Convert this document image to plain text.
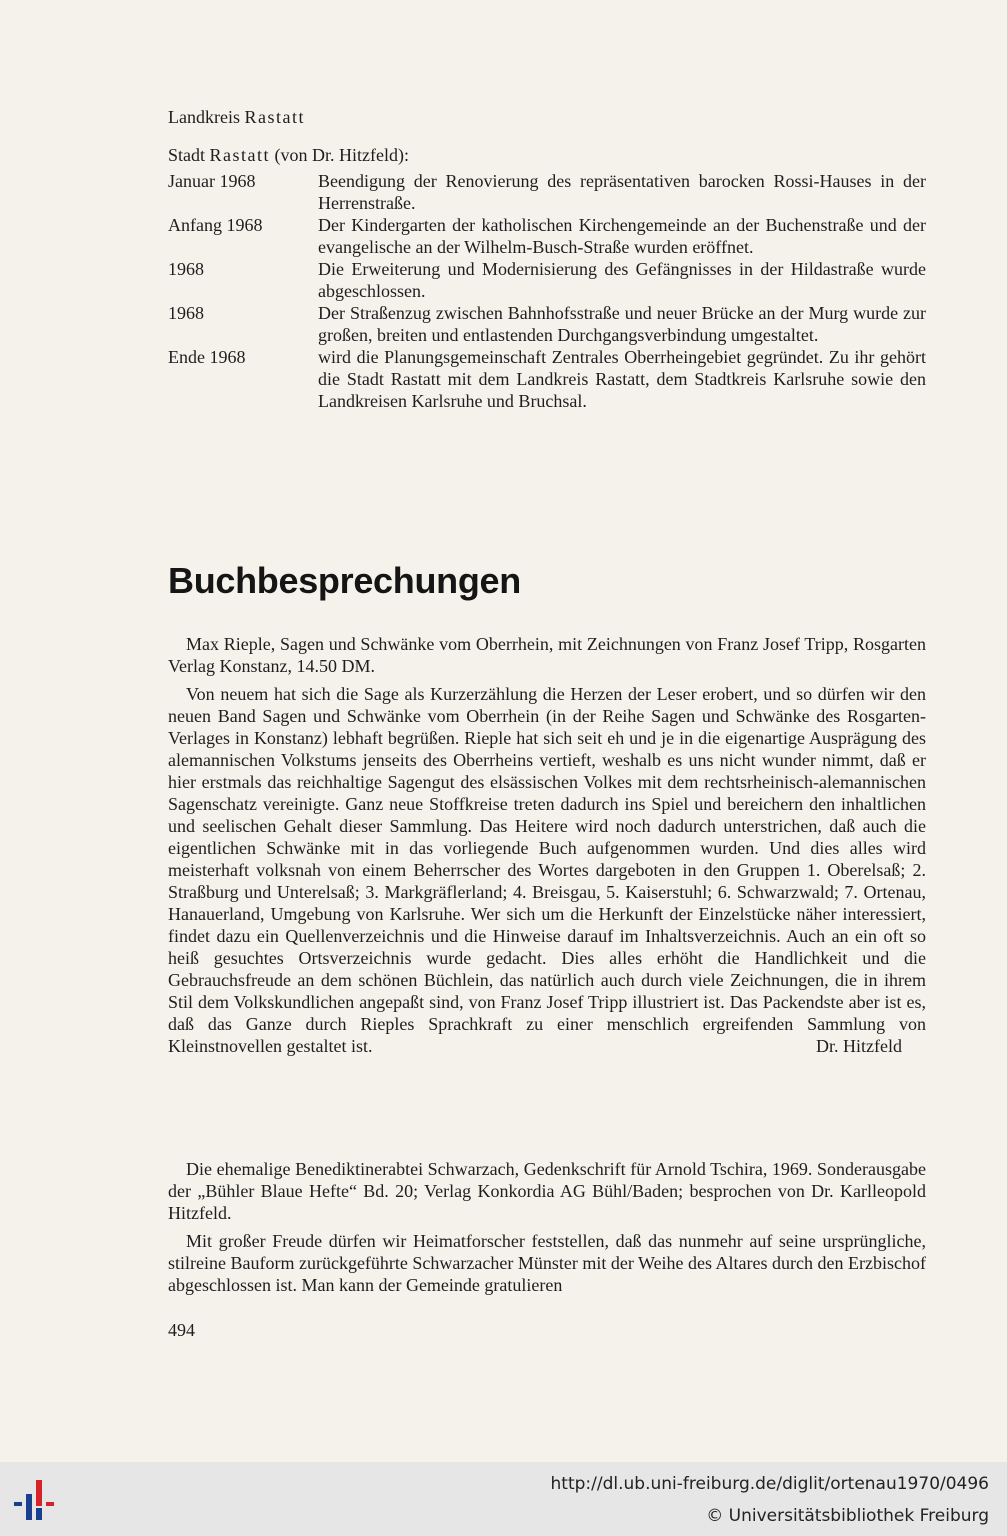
Landkreis Rastatt
Stadt Rastatt (von Dr. Hitzfeld):
Januar 1968	Beendigung der Renovierung des repräsentativen barocken Rossi-Hauses in der Herrenstraße.
Anfang 1968	Der Kindergarten der katholischen Kirchengemeinde an der Buchenstraße und der evangelische an der Wilhelm-Busch-Straße wurden eröffnet.
1968	Die Erweiterung und Modernisierung des Gefängnisses in der Hildastraße wurde abgeschlossen.
1968	Der Straßenzug zwischen Bahnhofsstraße und neuer Brücke an der Murg wurde zur großen, breiten und entlastenden Durchgangsverbindung umgestaltet.
Ende 1968	wird die Planungsgemeinschaft Zentrales Oberrheingebiet gegründet. Zu ihr gehört die Stadt Rastatt mit dem Landkreis Rastatt, dem Stadtkreis Karlsruhe sowie den Landkreisen Karlsruhe und Bruchsal.
Buchbesprechungen

Max Rieple, Sagen und Schwänke vom Oberrhein, mit Zeichnungen von Franz Josef Tripp, Rosgarten Verlag Konstanz, 14.50 DM.

Von neuem hat sich die Sage als Kurzerzählung die Herzen der Leser erobert, und so dürfen wir den neuen Band Sagen und Schwänke vom Oberrhein (in der Reihe Sagen und Schwänke des Rosgarten-Verlages in Konstanz) lebhaft begrüßen. Rieple hat sich seit eh und je in die eigenartige Ausprägung des alemannischen Volkstums jenseits des Oberrheins vertieft, weshalb es uns nicht wunder nimmt, daß er hier erstmals das reichhaltige Sagengut des elsässischen Volkes mit dem rechtsrheinisch-alemannischen Sagenschatz vereinigte. Ganz neue Stoffkreise treten dadurch ins Spiel und bereichern den inhaltlichen und seelischen Gehalt dieser Sammlung. Das Heitere wird noch dadurch unterstrichen, daß auch die eigentlichen Schwänke mit in das vorliegende Buch aufgenommen wurden. Und dies alles wird meisterhaft volksnah von einem Beherrscher des Wortes dargeboten in den Gruppen 1. Oberelsaß; 2. Straßburg und Unterelsaß; 3. Markgräflerland; 4. Breisgau, 5. Kaiserstuhl; 6. Schwarzwald; 7. Ortenau, Hanauerland, Umgebung von Karlsruhe. Wer sich um die Herkunft der Einzelstücke näher interessiert, findet dazu ein Quellenverzeichnis und die Hinweise darauf im Inhaltsverzeichnis. Auch an ein oft so heiß gesuchtes Ortsverzeichnis wurde gedacht. Dies alles erhöht die Handlichkeit und die Gebrauchsfreude an dem schönen Büchlein, das natürlich auch durch viele Zeichnungen, die in ihrem Stil dem Volkskundlichen angepaßt sind, von Franz Josef Tripp illustriert ist. Das Packendste aber ist es, daß das Ganze durch Rieples Sprachkraft zu einer menschlich ergreifenden Sammlung von Kleinstnovellen gestaltet ist.	Dr. Hitzfeld

Die ehemalige Benediktinerabtei Schwarzach, Gedenkschrift für Arnold Tschira, 1969. Sonderausgabe der „Bühler Blaue Hefte“ Bd. 20; Verlag Konkordia AG Bühl/Baden; besprochen von Dr. Karlleopold Hitzfeld.

Mit großer Freude dürfen wir Heimatforscher feststellen, daß das nunmehr auf seine ursprüngliche, stilreine Bauform zurückgeführte Schwarzacher Münster mit der Weihe des Altares durch den Erzbischof abgeschlossen ist. Man kann der Gemeinde gratulieren

494
http://dl.ub.uni-freiburg.de/diglit/ortenau1970/0496
© Universitätsbibliothek Freiburg
